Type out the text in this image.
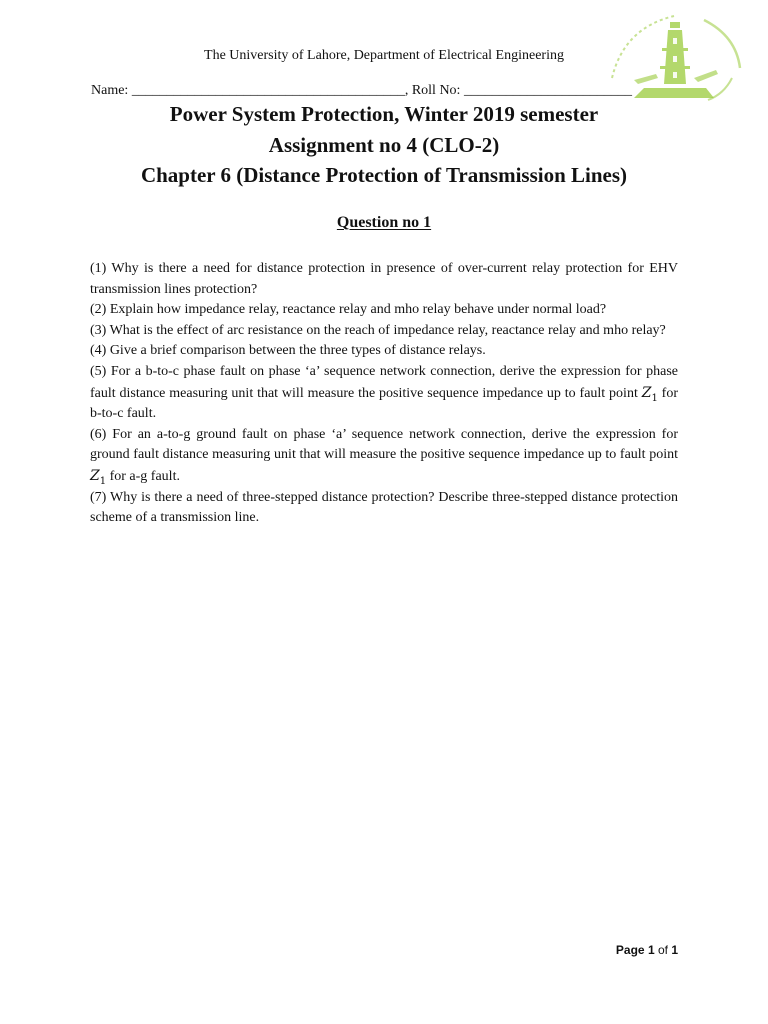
The University of Lahore, Department of Electrical Engineering
Name: _______________________________________, Roll No: ________________________
Power System Protection, Winter 2019 semester
Assignment no 4 (CLO-2)
Chapter 6 (Distance Protection of Transmission Lines)
Question no 1

(1) Why is there a need for distance protection in presence of over-current relay protection for EHV transmission lines protection?

(2) Explain how impedance relay, reactance relay and mho relay behave under normal load?

(3) What is the effect of arc resistance on the reach of impedance relay, reactance relay and mho relay?

(4) Give a brief comparison between the three types of distance relays.

(5) For a b-to-c phase fault on phase ‘a’ sequence network connection, derive the expression for phase fault distance measuring unit that will measure the positive sequence impedance up to fault point $Z_1$ for b-to-c fault.

(6) For an a-to-g ground fault on phase ‘a’ sequence network connection, derive the expression for ground fault distance measuring unit that will measure the positive sequence impedance up to fault point $Z_1$ for a-g fault.

(7) Why is there a need of three-stepped distance protection? Describe three-stepped distance protection scheme of a transmission line.

Page 1 of 1
